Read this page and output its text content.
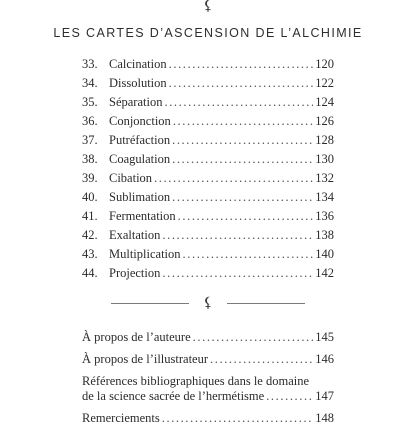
⚸
LES CARTES D’ASCENSION DE L’ALCHIMIE
33. Calcination .....	120
34. Dissolution .....	122
35. Séparation .....	124
36. Conjonction .....	126
37. Putréfaction .....	128
38. Coagulation .....	130
39. Cibation .....	132
40. Sublimation .....	134
41. Fermentation .....	136
42. Exaltation .....	138
43. Multiplication .....	140
44. Projection .....	142
⚸
À propos de l’auteure .....	145
À propos de l’illustrateur .....	146
Références bibliographiques dans le domaine
de la science sacrée de l’hermétisme .....	147
Remerciements .....	148
